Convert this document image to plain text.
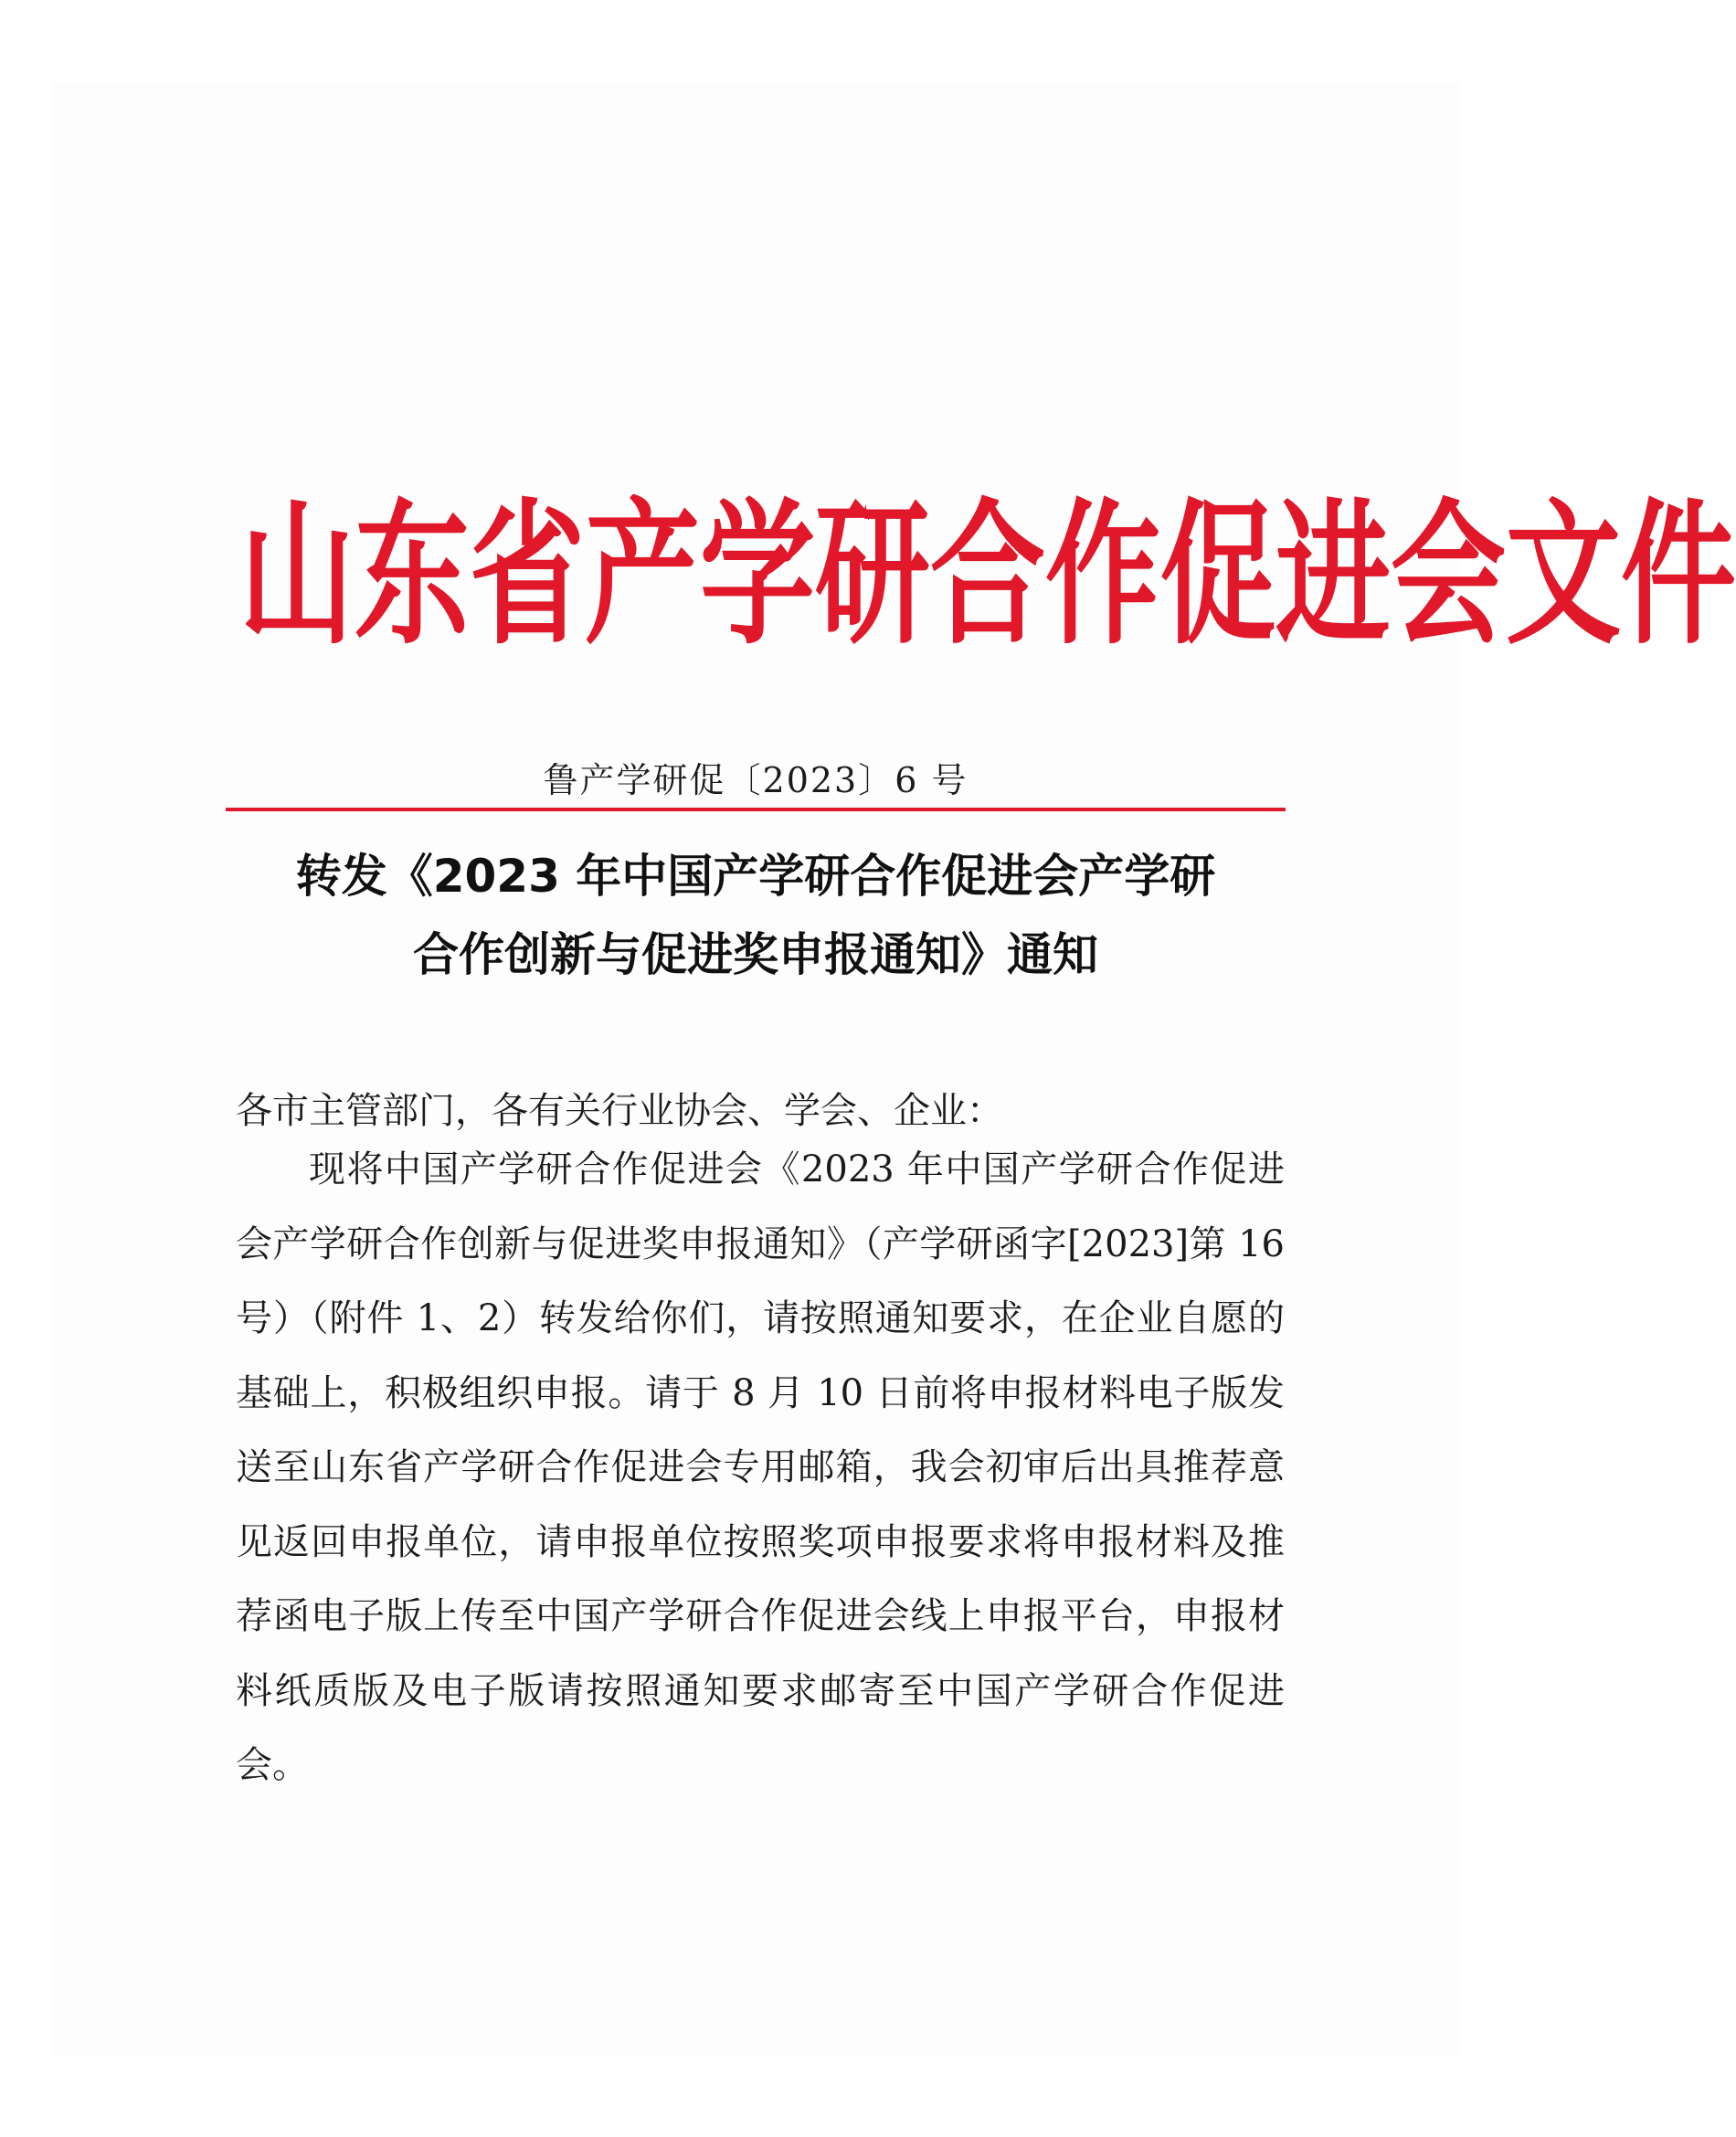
山 东 省 产 学 研 合 作 促 进 会 文 件
鲁产学研促〔2023〕6 号
转发《2023 年中国产学研合作促进会产学研
合作创新与促进奖申报通知》通知
各市主管部门，各有关行业协会、学会、企业：

现将中国产学研合作促进会《2023 年中国产学研合作促进会产学研合作创新与促进奖申报通知》（产学研函字[2023]第 16号）（附件 1、2）转发给你们，请按照通知要求，在企业自愿的基础上，积极组织申报。请于 8 月 10 日前将申报材料电子版发送至山东省产学研合作促进会专用邮箱，我会初审后出具推荐意见返回申报单位，请申报单位按照奖项申报要求将申报材料及推荐函电子版上传至中国产学研合作促进会线上申报平台，申报材料纸质版及电子版请按照通知要求邮寄至中国产学研合作促进会。
